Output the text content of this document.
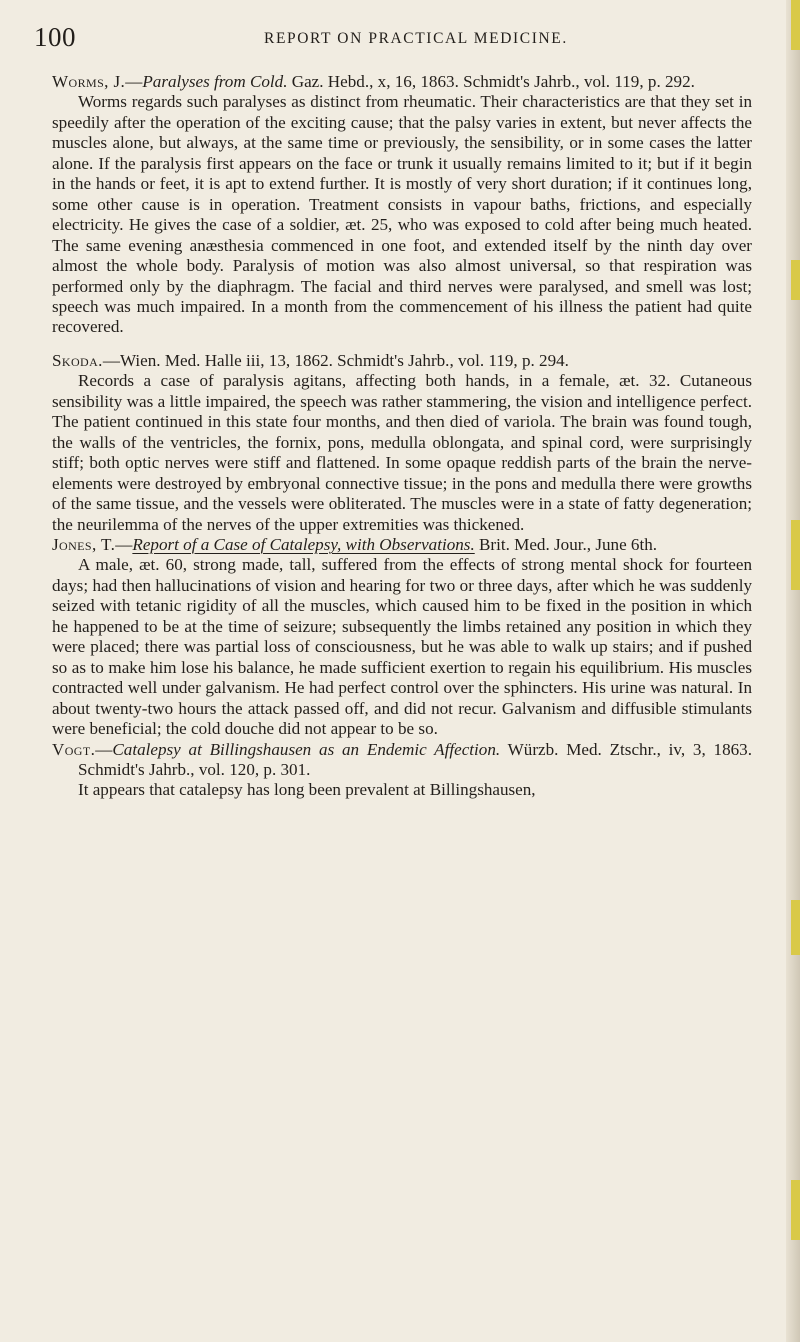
100	REPORT ON PRACTICAL MEDICINE.

Worms, J.—Paralyses from Cold. Gaz. Hebd., x, 16, 1863. Schmidt's Jahrb., vol. 119, p. 292.

Worms regards such paralyses as distinct from rheumatic. Their characteristics are that they set in speedily after the operation of the exciting cause; that the palsy varies in extent, but never affects the muscles alone, but always, at the same time or previously, the sensibility, or in some cases the latter alone. If the paralysis first appears on the face or trunk it usually remains limited to it; but if it begin in the hands or feet, it is apt to extend further. It is mostly of very short duration; if it continues long, some other cause is in operation. Treatment consists in vapour baths, frictions, and especially electricity. He gives the case of a soldier, æt. 25, who was exposed to cold after being much heated. The same evening anæsthesia commenced in one foot, and extended itself by the ninth day over almost the whole body. Paralysis of motion was also almost universal, so that respiration was performed only by the diaphragm. The facial and third nerves were paralysed, and smell was lost; speech was much impaired. In a month from the commencement of his illness the patient had quite recovered.

Skoda.—Wien. Med. Halle iii, 13, 1862. Schmidt's Jahrb., vol. 119, p. 294.

Records a case of paralysis agitans, affecting both hands, in a female, æt. 32. Cutaneous sensibility was a little impaired, the speech was rather stammering, the vision and intelligence perfect. The patient continued in this state four months, and then died of variola. The brain was found tough, the walls of the ventricles, the fornix, pons, medulla oblongata, and spinal cord, were surprisingly stiff; both optic nerves were stiff and flattened. In some opaque reddish parts of the brain the nerve-elements were destroyed by embryonal connective tissue; in the pons and medulla there were growths of the same tissue, and the vessels were obliterated. The muscles were in a state of fatty degeneration; the neurilemma of the nerves of the upper extremities was thickened.

Jones, T.—Report of a Case of Catalepsy, with Observations. Brit. Med. Jour., June 6th.

A male, æt. 60, strong made, tall, suffered from the effects of strong mental shock for fourteen days; had then hallucinations of vision and hearing for two or three days, after which he was suddenly seized with tetanic rigidity of all the muscles, which caused him to be fixed in the position in which he happened to be at the time of seizure; subsequently the limbs retained any position in which they were placed; there was partial loss of consciousness, but he was able to walk up stairs; and if pushed so as to make him lose his balance, he made sufficient exertion to regain his equilibrium. His muscles contracted well under galvanism. He had perfect control over the sphincters. His urine was natural. In about twenty-two hours the attack passed off, and did not recur. Galvanism and diffusible stimulants were beneficial; the cold douche did not appear to be so.

Vogt.—Catalepsy at Billingshausen as an Endemic Affection. Würzb. Med. Ztschr., iv, 3, 1863. Schmidt's Jahrb., vol. 120, p. 301.

It appears that catalepsy has long been prevalent at Billingshausen,
